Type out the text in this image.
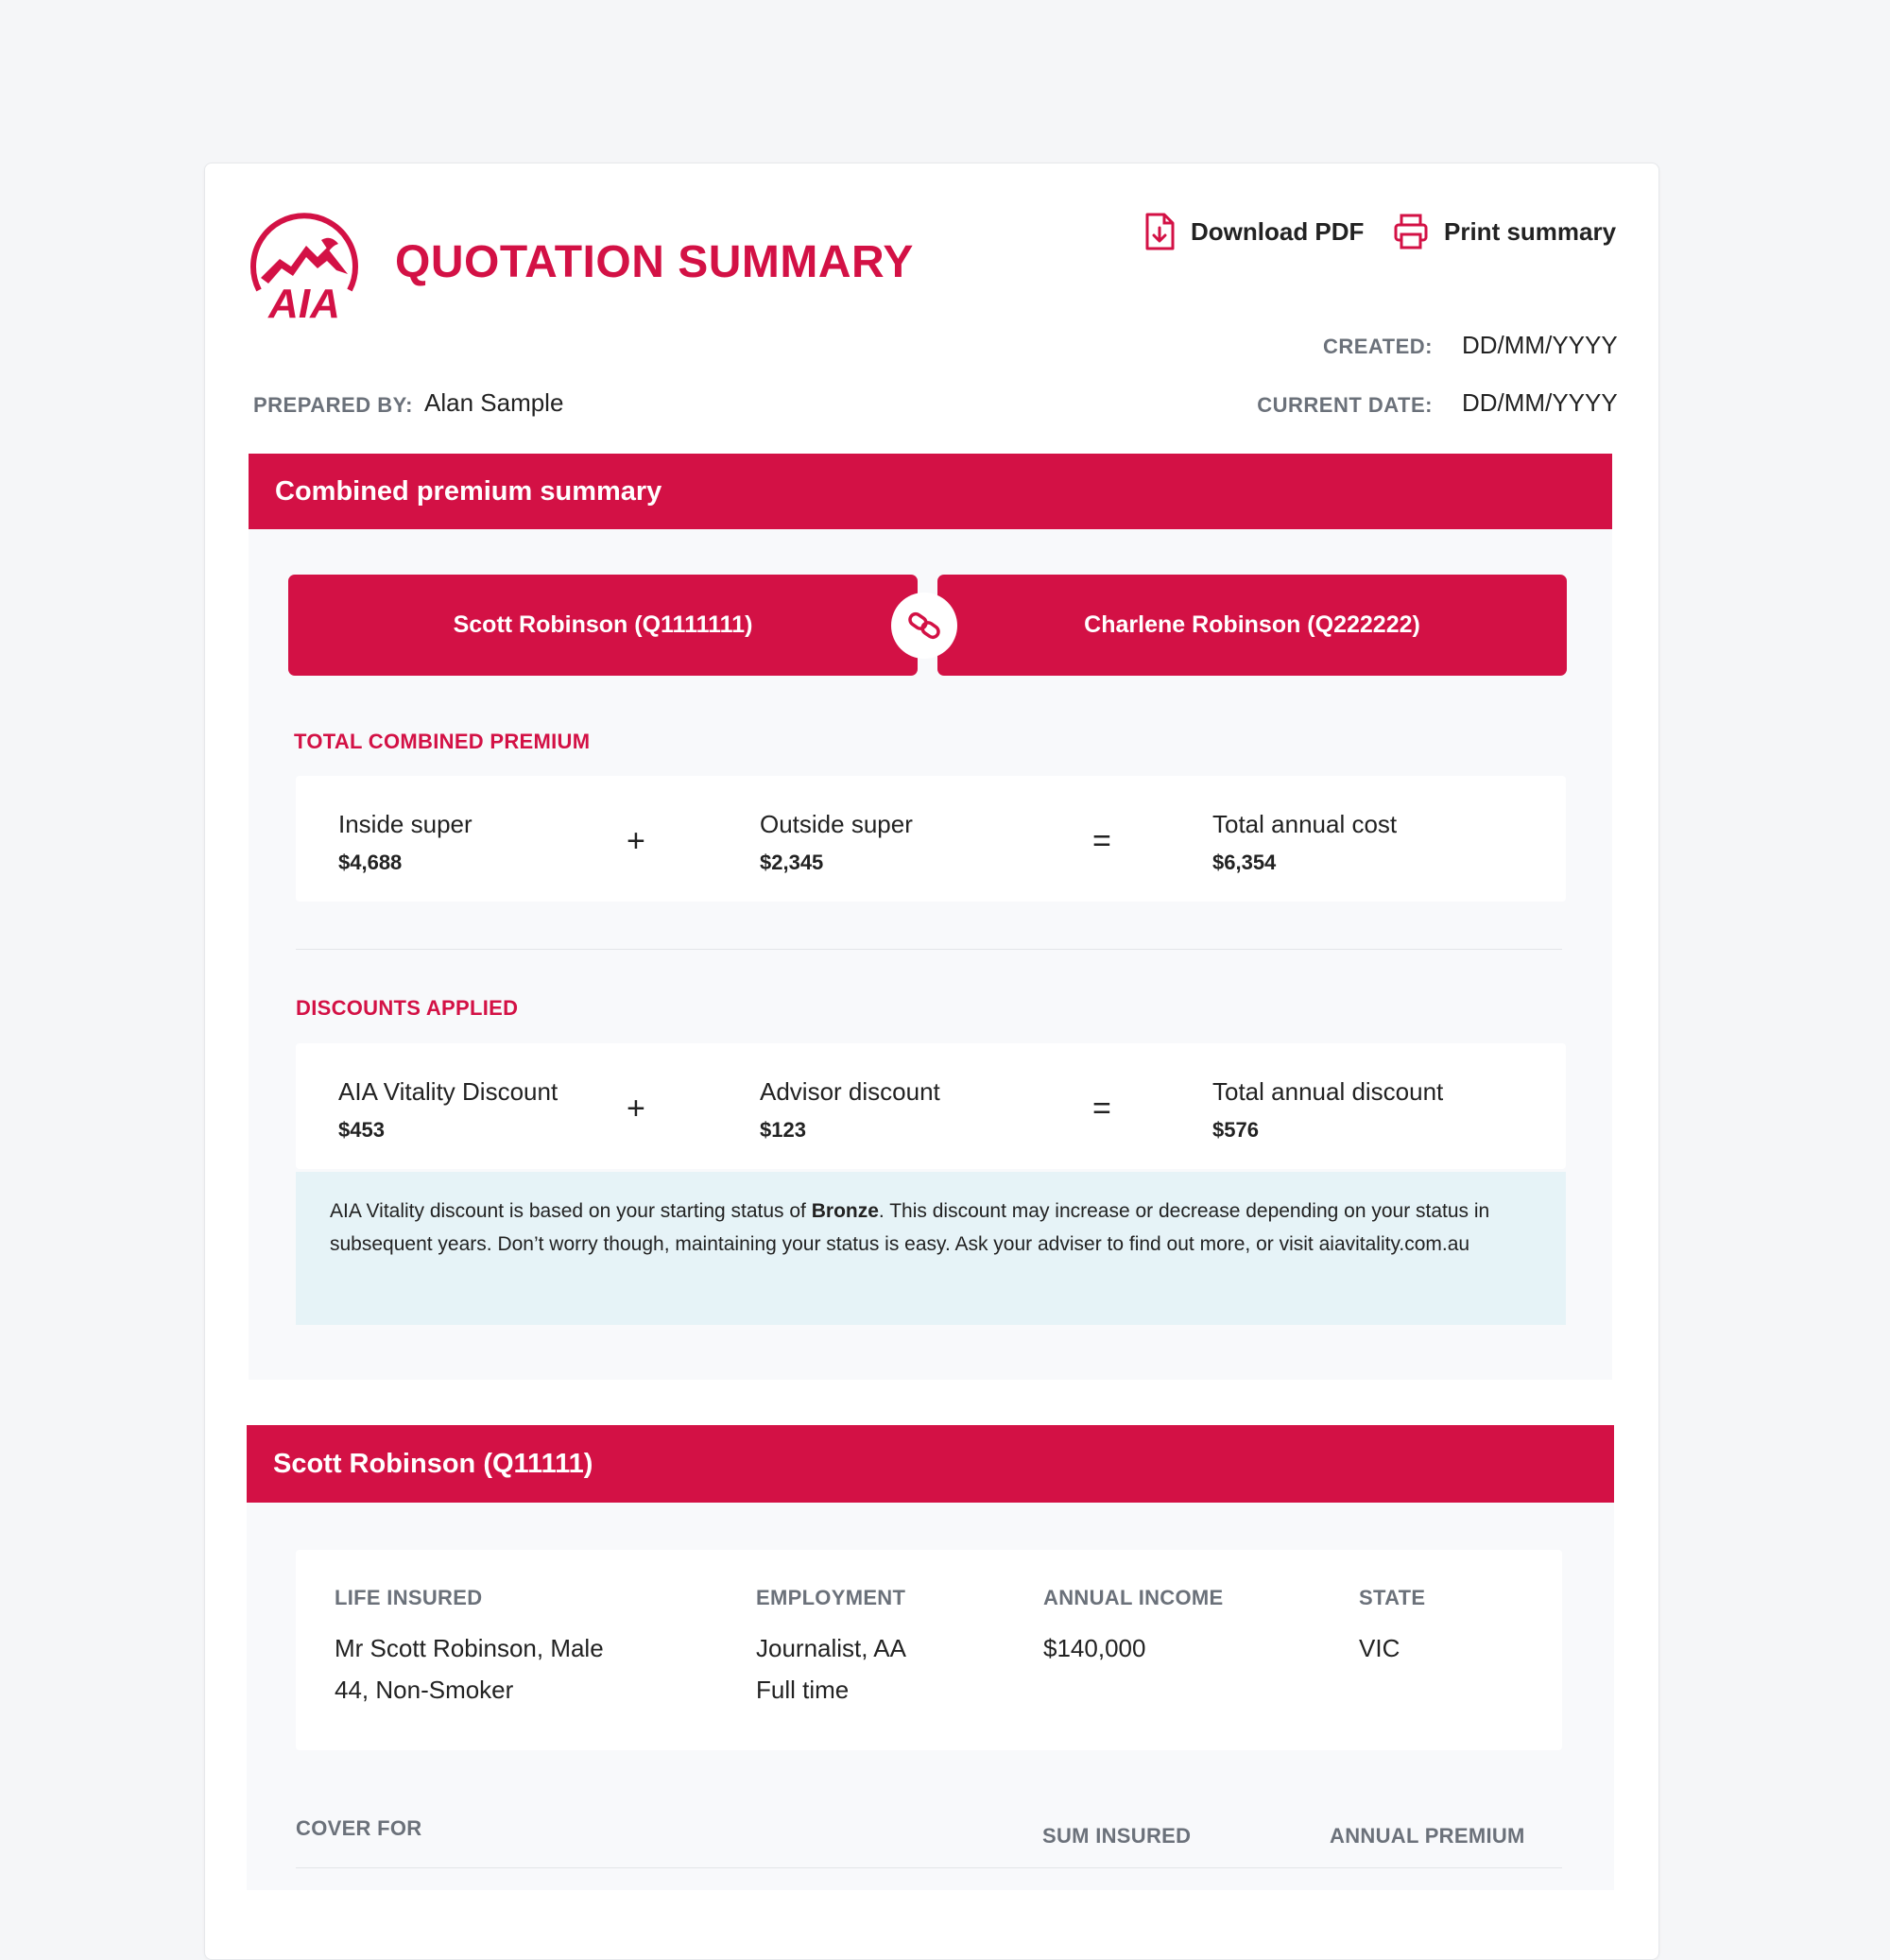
AIA
QUOTATION SUMMARY
Download PDF	Print summary
CREATED: DD/MM/YYYY
CURRENT DATE: DD/MM/YYYY
PREPARED BY: Alan Sample
Combined premium summary
Scott Robinson (Q1111111)	Charlene Robinson (Q222222)
TOTAL COMBINED PREMIUM
Inside super
$4,688
+	Outside super
$2,345
=	Total annual cost
$6,354
DISCOUNTS APPLIED
AIA Vitality Discount
$453
+	Advisor discount
$123
=	Total annual discount
$576
AIA Vitality discount is based on your starting status of Bronze. This discount may increase or decrease depending on your status in subsequent years. Don’t worry though, maintaining your status is easy. Ask your adviser to find out more, or visit aiavitality.com.au
Scott Robinson (Q11111)
LIFE INSURED
Mr Scott Robinson, Male
44, Non-Smoker
EMPLOYMENT
Journalist, AA
Full time
ANNUAL INCOME
$140,000
STATE
VIC
COVER FOR	SUM INSURED	ANNUAL PREMIUM
